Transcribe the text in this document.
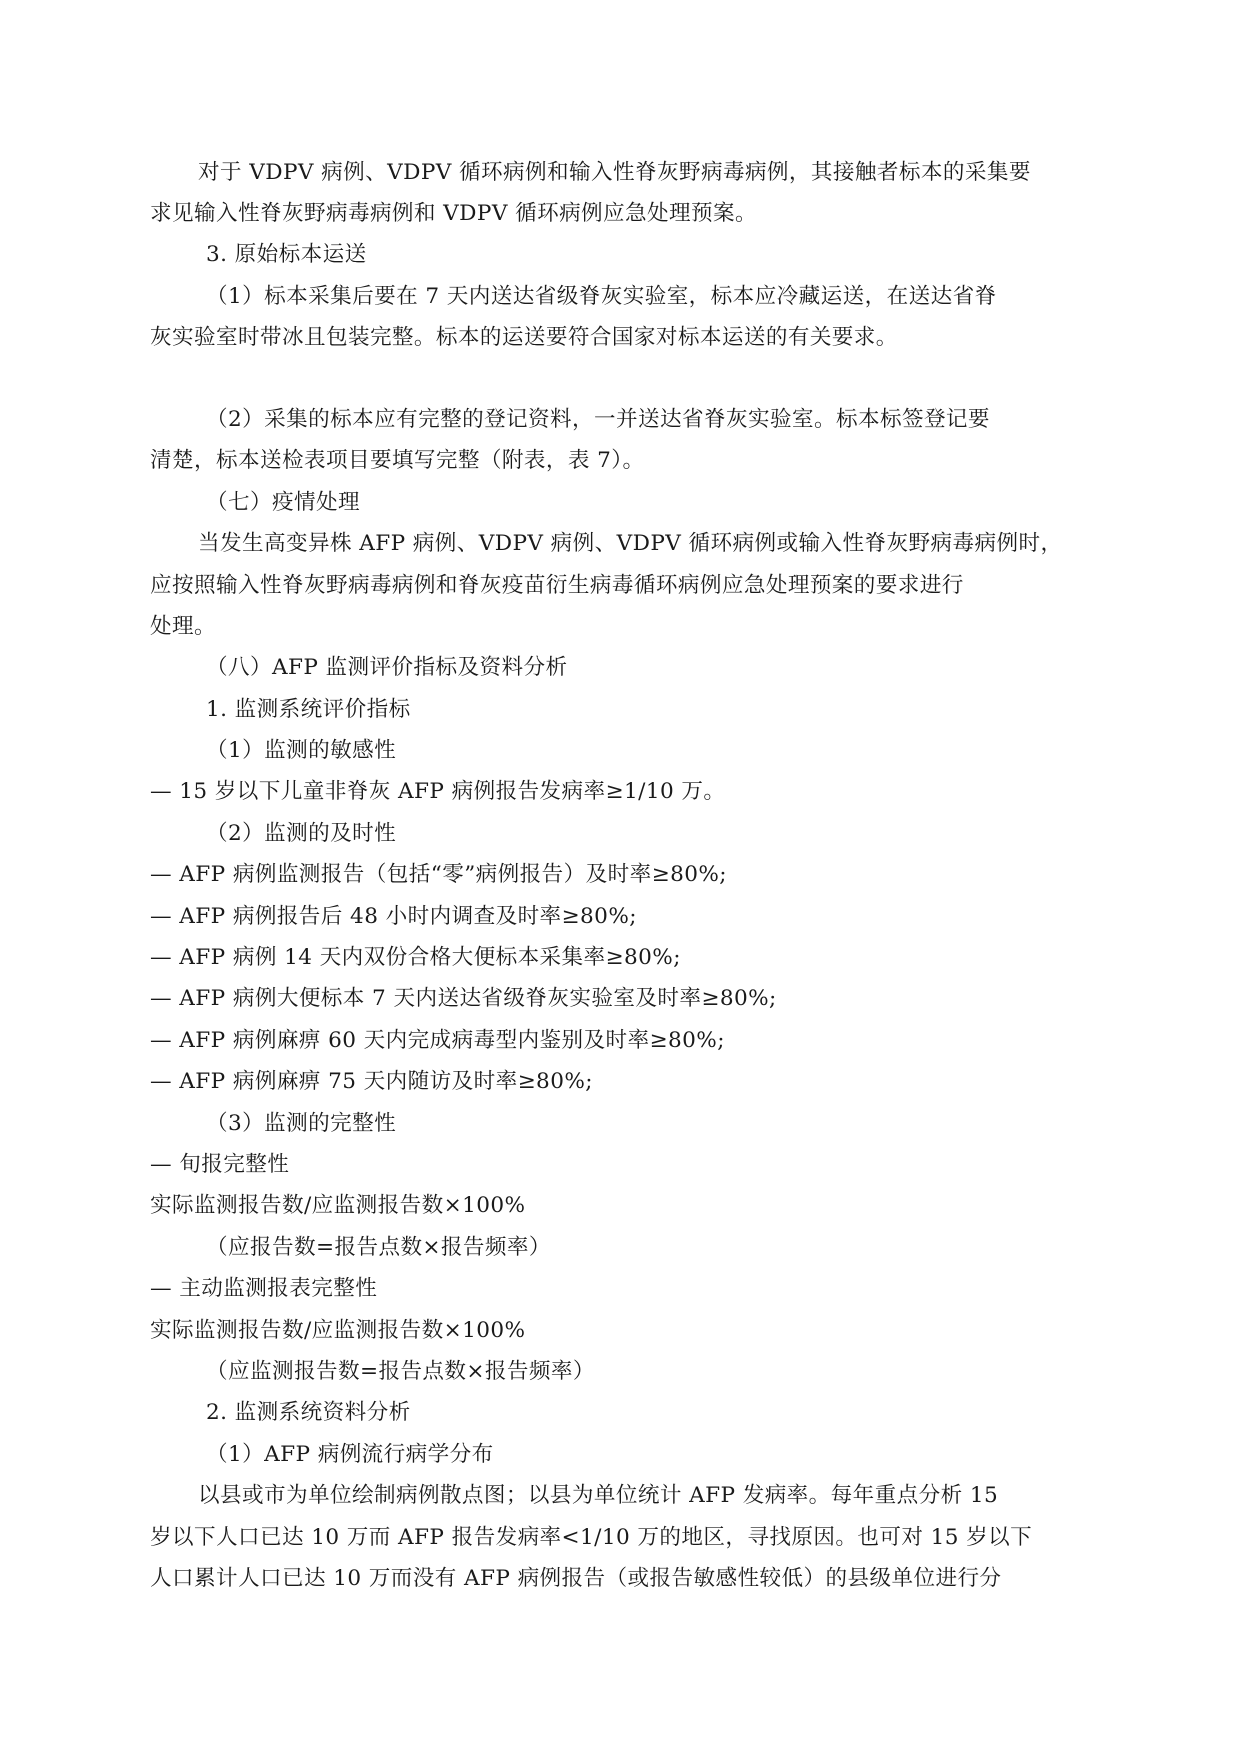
对于 VDPV 病例、VDPV 循环病例和输入性脊灰野病毒病例，其接触者标本的采集要

求见输入性脊灰野病毒病例和 VDPV 循环病例应急处理预案。

3. 原始标本运送

（1）标本采集后要在 7 天内送达省级脊灰实验室，标本应冷藏运送，在送达省脊

灰实验室时带冰且包装完整。标本的运送要符合国家对标本运送的有关要求。

（2）采集的标本应有完整的登记资料，一并送达省脊灰实验室。标本标签登记要

清楚，标本送检表项目要填写完整（附表，表 7）。

（七）疫情处理

当发生高变异株 AFP 病例、VDPV 病例、VDPV 循环病例或输入性脊灰野病毒病例时，

应按照输入性脊灰野病毒病例和脊灰疫苗衍生病毒循环病例应急处理预案的要求进行

处理。

（八）AFP 监测评价指标及资料分析

1. 监测系统评价指标

（1）监测的敏感性

— 15 岁以下儿童非脊灰 AFP 病例报告发病率≥1/10 万。

（2）监测的及时性

— AFP 病例监测报告（包括“零”病例报告）及时率≥80%;

— AFP 病例报告后 48 小时内调查及时率≥80%;

— AFP 病例 14 天内双份合格大便标本采集率≥80%;

— AFP 病例大便标本 7 天内送达省级脊灰实验室及时率≥80%;

— AFP 病例麻痹 60 天内完成病毒型内鉴别及时率≥80%;

— AFP 病例麻痹 75 天内随访及时率≥80%;

（3）监测的完整性

— 旬报完整性

实际监测报告数/应监测报告数×100%

（应报告数=报告点数×报告频率）

— 主动监测报表完整性

实际监测报告数/应监测报告数×100%

（应监测报告数=报告点数×报告频率）

2. 监测系统资料分析

（1）AFP 病例流行病学分布

以县或市为单位绘制病例散点图；以县为单位统计 AFP 发病率。每年重点分析 15

岁以下人口已达 10 万而 AFP 报告发病率<1/10 万的地区，寻找原因。也可对 15 岁以下

人口累计人口已达 10 万而没有 AFP 病例报告（或报告敏感性较低）的县级单位进行分
